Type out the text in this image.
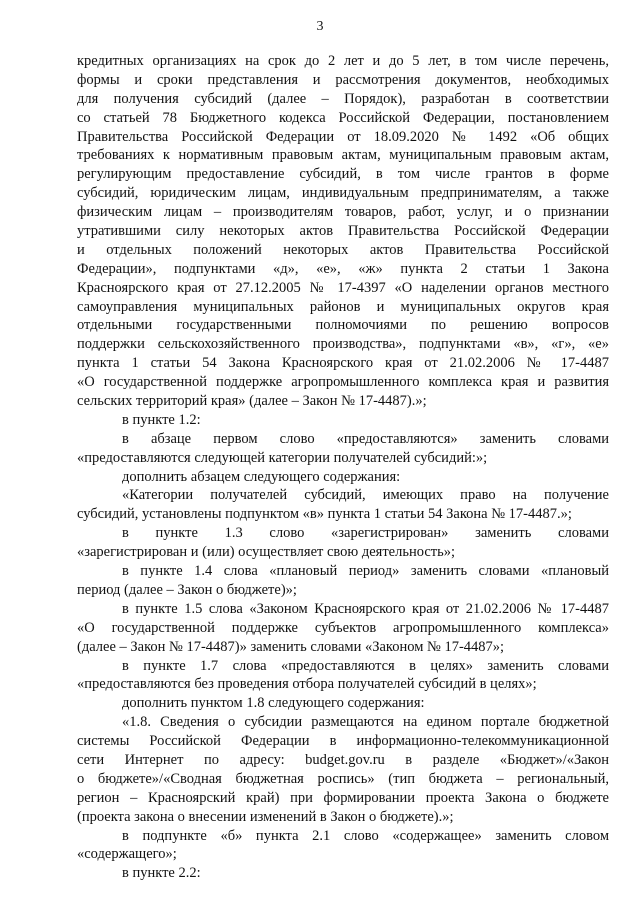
3
кредитных организациях на срок до 2 лет и до 5 лет, в том числе перечень,
формы и сроки представления и рассмотрения документов, необходимых
для получения субсидий (далее – Порядок), разработан в соответствии
со статьей 78 Бюджетного кодекса Российской Федерации, постановлением
Правительства Российской Федерации от 18.09.2020 № 1492 «Об общих
требованиях к нормативным правовым актам, муниципальным правовым актам,
регулирующим предоставление субсидий, в том числе грантов в форме
субсидий, юридическим лицам, индивидуальным предпринимателям, а также
физическим лицам – производителям товаров, работ, услуг, и о признании
утратившими силу некоторых актов Правительства Российской Федерации
и отдельных положений некоторых актов Правительства Российской
Федерации», подпунктами «д», «е», «ж» пункта 2 статьи 1 Закона
Красноярского края от 27.12.2005 № 17-4397 «О наделении органов местного
самоуправления муниципальных районов и муниципальных округов края
отдельными государственными полномочиями по решению вопросов
поддержки сельскохозяйственного производства», подпунктами «в», «г», «е»
пункта 1 статьи 54 Закона Красноярского края от 21.02.2006 № 17-4487
«О государственной поддержке агропромышленного комплекса края и развития
сельских территорий края» (далее – Закон № 17-4487).»;
в пункте 1.2:
в абзаце первом слово «предоставляются» заменить словами
«предоставляются следующей категории получателей субсидий:»;
дополнить абзацем следующего содержания:
«Категории получателей субсидий, имеющих право на получение
субсидий, установлены подпунктом «в» пункта 1 статьи 54 Закона № 17-4487.»;
в пункте 1.3 слово «зарегистрирован» заменить словами
«зарегистрирован и (или) осуществляет свою деятельность»;
в пункте 1.4 слова «плановый период» заменить словами «плановый
период (далее – Закон о бюджете)»;
в пункте 1.5 слова «Законом Красноярского края от 21.02.2006 № 17-4487
«О государственной поддержке субъектов агропромышленного комплекса»
(далее – Закон № 17-4487)» заменить словами «Законом № 17-4487»;
в пункте 1.7 слова «предоставляются в целях» заменить словами
«предоставляются без проведения отбора получателей субсидий в целях»;
дополнить пунктом 1.8 следующего содержания:
«1.8. Сведения о субсидии размещаются на едином портале бюджетной
системы Российской Федерации в информационно-телекоммуникационной
сети Интернет по адресу: budget.gov.ru в разделе «Бюджет»/«Закон
о бюджете»/«Сводная бюджетная роспись» (тип бюджета – региональный,
регион – Красноярский край) при формировании проекта Закона о бюджете
(проекта закона о внесении изменений в Закон о бюджете).»;
в подпункте «б» пункта 2.1 слово «содержащее» заменить словом
«содержащего»;
в пункте 2.2:
